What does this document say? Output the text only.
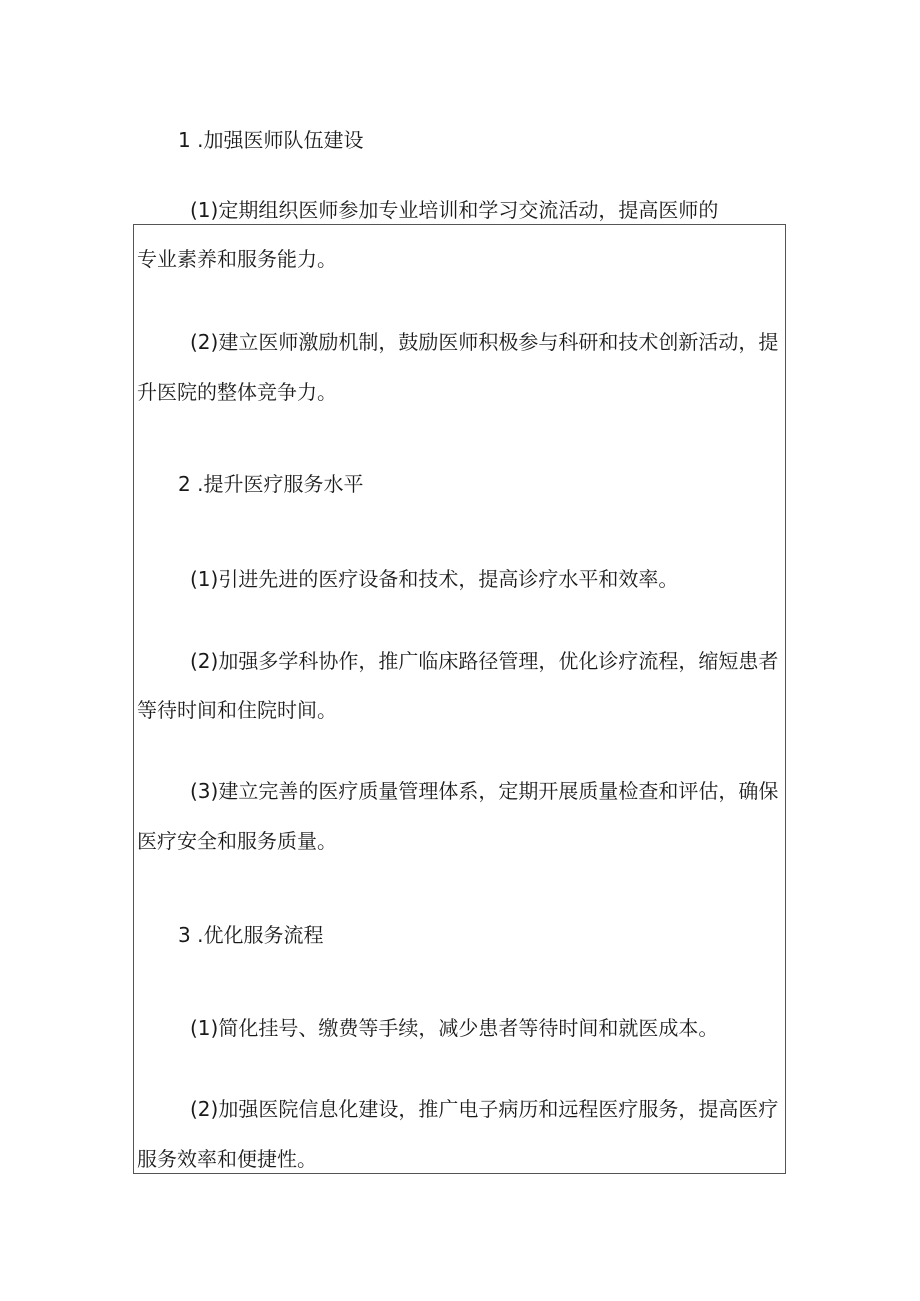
1 .加强医师队伍建设
(1)定期组织医师参加专业培训和学习交流活动，提高医师的
专业素养和服务能力。
(2)建立医师激励机制，鼓励医师积极参与科研和技术创新活动，提
升医院的整体竞争力。
2 .提升医疗服务水平
(1)引进先进的医疗设备和技术，提高诊疗水平和效率。
(2)加强多学科协作，推广临床路径管理，优化诊疗流程，缩短患者
等待时间和住院时间。
(3)建立完善的医疗质量管理体系，定期开展质量检查和评估，确保
医疗安全和服务质量。
3 .优化服务流程
(1)简化挂号、缴费等手续，减少患者等待时间和就医成本。
(2)加强医院信息化建设，推广电子病历和远程医疗服务，提高医疗
服务效率和便捷性。
